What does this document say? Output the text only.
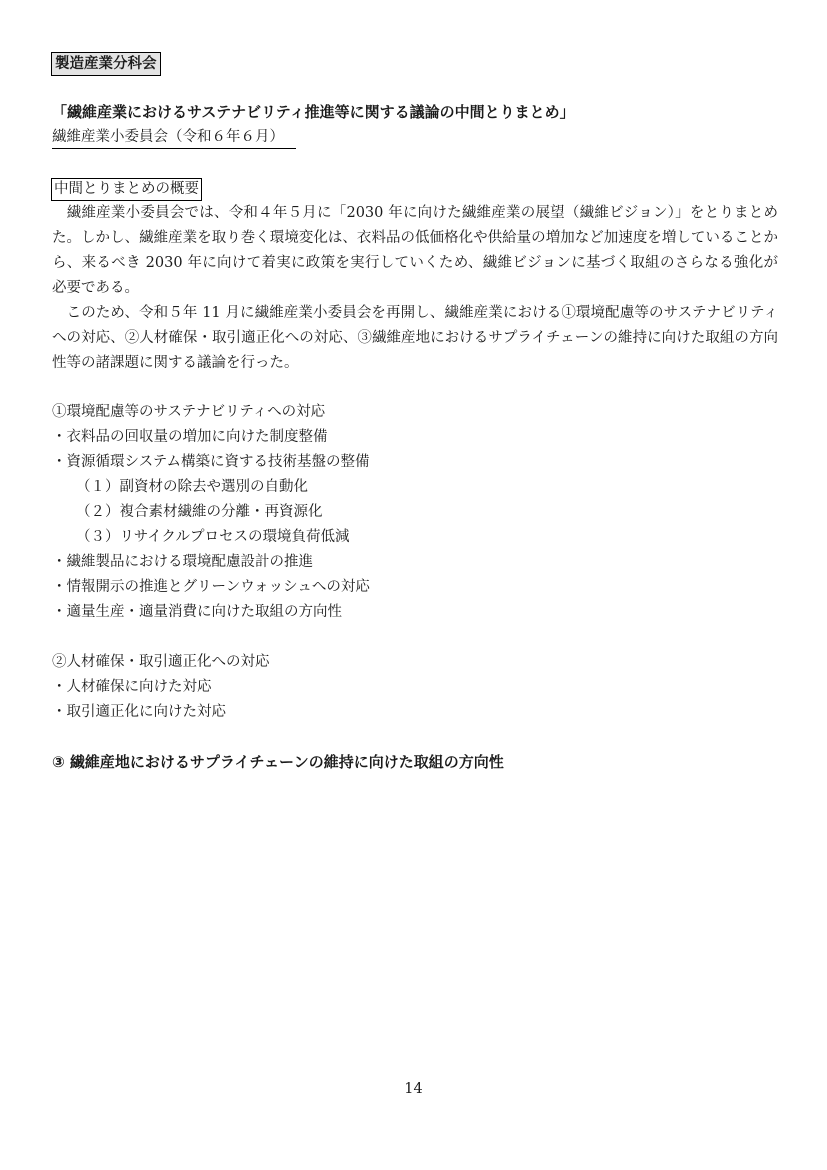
製造産業分科会
「繊維産業におけるサステナビリティ推進等に関する議論の中間とりまとめ」
繊維産業小委員会（令和６年６月）
中間とりまとめの概要
　繊維産業小委員会では、令和４年５月に「2030 年に向けた繊維産業の展望（繊維ビジョン）」をとりまとめた。しかし、繊維産業を取り巻く環境変化は、衣料品の低価格化や供給量の増加など加速度を増していることから、来るべき 2030 年に向けて着実に政策を実行していくため、繊維ビジョンに基づく取組のさらなる強化が必要である。
　このため、令和５年 11 月に繊維産業小委員会を再開し、繊維産業における①環境配慮等のサステナビリティへの対応、②人材確保・取引適正化への対応、③繊維産地におけるサプライチェーンの維持に向けた取組の方向性等の諸課題に関する議論を行った。
①環境配慮等のサステナビリティへの対応
・衣料品の回収量の増加に向けた制度整備
・資源循環システム構築に資する技術基盤の整備
（１）副資材の除去や選別の自動化
（２）複合素材繊維の分離・再資源化
（３）リサイクルプロセスの環境負荷低減
・繊維製品における環境配慮設計の推進
・情報開示の推進とグリーンウォッシュへの対応
・適量生産・適量消費に向けた取組の方向性
②人材確保・取引適正化への対応
・人材確保に向けた対応
・取引適正化に向けた対応
③ 繊維産地におけるサプライチェーンの維持に向けた取組の方向性
14
